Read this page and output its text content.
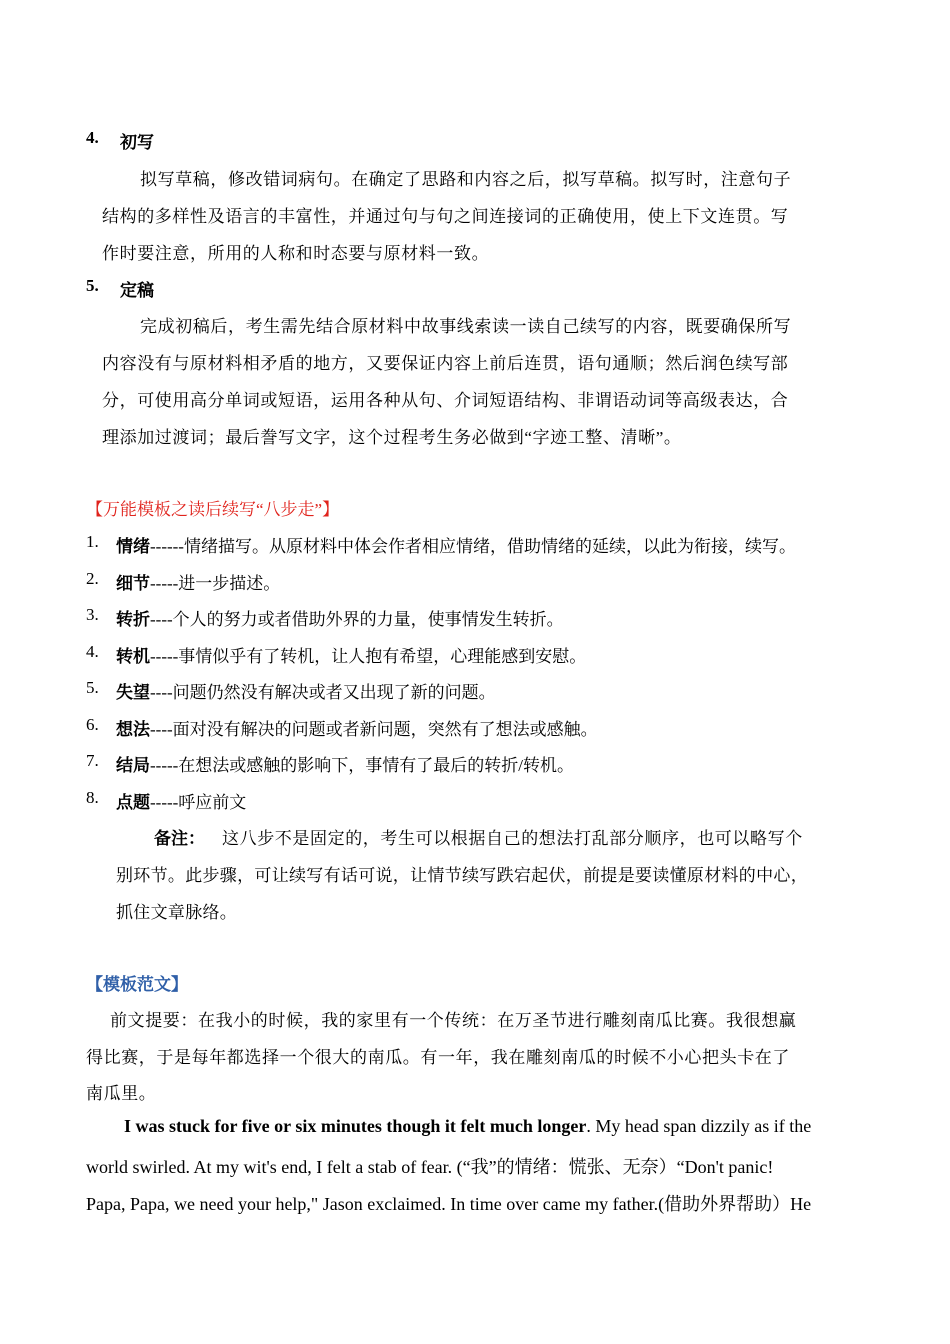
4. 初写
拟写草稿，修改错词病句。在确定了思路和内容之后，拟写草稿。拟写时，注意句子
结构的多样性及语言的丰富性，并通过句与句之间连接词的正确使用，使上下文连贯。写
作时要注意，所用的人称和时态要与原材料一致。
5. 定稿
完成初稿后，考生需先结合原材料中故事线索读一读自己续写的内容，既要确保所写
内容没有与原材料相矛盾的地方，又要保证内容上前后连贯，语句通顺；然后润色续写部
分，可使用高分单词或短语，运用各种从句、介词短语结构、非谓语动词等高级表达，合
理添加过渡词；最后誊写文字，这个过程考生务必做到“字迹工整、清晰”。
【万能模板之读后续写“八步走”】
1. 情绪------情绪描写。从原材料中体会作者相应情绪，借助情绪的延续，以此为衔接，续写。
2. 细节-----进一步描述。
3. 转折----个人的努力或者借助外界的力量，使事情发生转折。
4. 转机-----事情似乎有了转机，让人抱有希望，心理能感到安慰。
5. 失望----问题仍然没有解决或者又出现了新的问题。
6. 想法----面对没有解决的问题或者新问题，突然有了想法或感触。
7. 结局-----在想法或感触的影响下，事情有了最后的转折/转机。
8. 点题-----呼应前文
备注： 这八步不是固定的，考生可以根据自己的想法打乱部分顺序，也可以略写个
别环节。此步骤，可让续写有话可说，让情节续写跌宕起伏，前提是要读懂原材料的中心，
抓住文章脉络。
【模板范文】
前文提要：在我小的时候，我的家里有一个传统：在万圣节进行雕刻南瓜比赛。我很想赢
得比赛，于是每年都选择一个很大的南瓜。有一年，我在雕刻南瓜的时候不小心把头卡在了
南瓜里。
I was stuck for five or six minutes though it felt much longer. My head span dizzily as if the
world swirled. At my wit's end, I felt a stab of fear. (“我”的情绪：慌张、无奈）“Don't panic!
Papa, Papa, we need your help," Jason exclaimed. In time over came my father.(借助外界帮助）He
